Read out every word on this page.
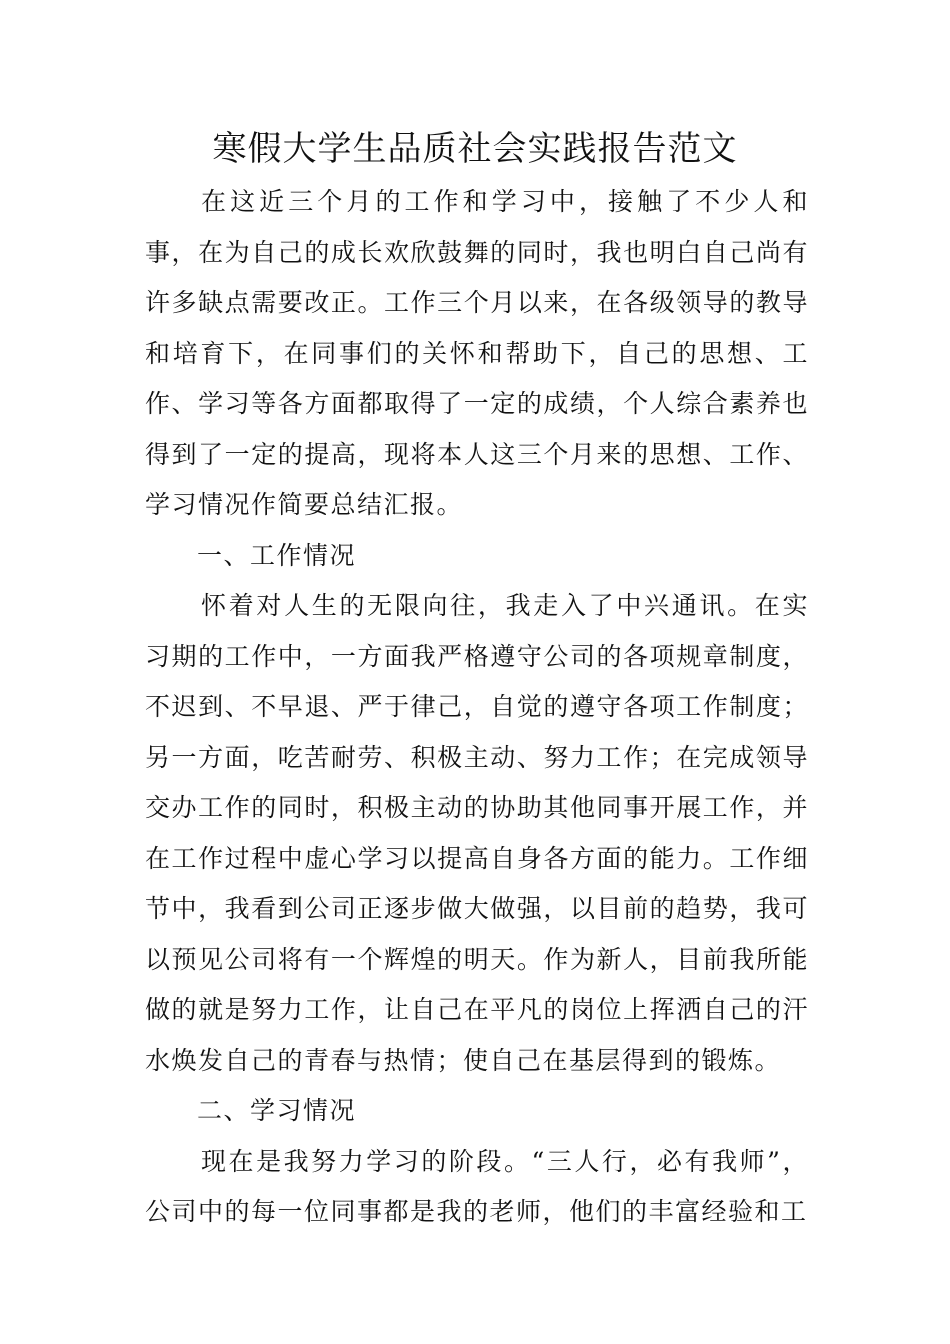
寒假大学生品质社会实践报告范文

在这近三个月的工作和学习中，接触了不少人和事，在为自己的成长欢欣鼓舞的同时，我也明白自己尚有许多缺点需要改正。工作三个月以来，在各级领导的教导和培育下，在同事们的关怀和帮助下，自己的思想、工作、学习等各方面都取得了一定的成绩，个人综合素养也得到了一定的提高，现将本人这三个月来的思想、工作、学习情况作简要总结汇报。

一、工作情况

怀着对人生的无限向往，我走入了中兴通讯。在实习期的工作中，一方面我严格遵守公司的各项规章制度，不迟到、不早退、严于律己，自觉的遵守各项工作制度；另一方面，吃苦耐劳、积极主动、努力工作；在完成领导交办工作的同时，积极主动的协助其他同事开展工作，并在工作过程中虚心学习以提高自身各方面的能力。工作细节中，我看到公司正逐步做大做强，以目前的趋势，我可以预见公司将有一个辉煌的明天。作为新人，目前我所能做的就是努力工作，让自己在平凡的岗位上挥洒自己的汗水焕发自己的青春与热情；使自己在基层得到的锻炼。

二、学习情况

现在是我努力学习的阶段。“三人行，必有我师”，公司中的每一位同事都是我的老师，他们的丰富经验和工
